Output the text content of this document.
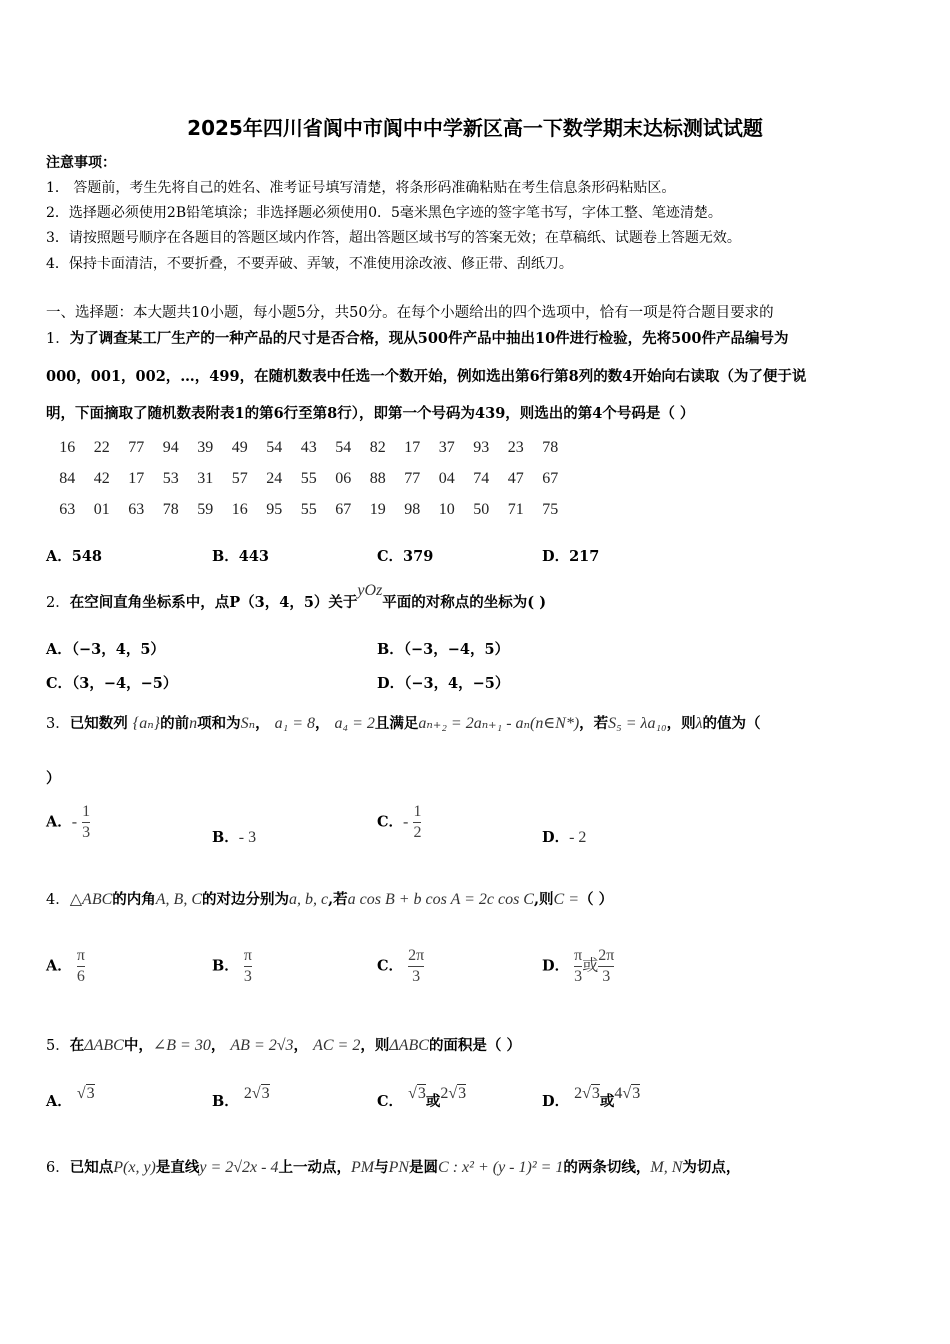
2025年四川省阆中市阆中中学新区高一下数学期末达标测试试题
注意事项：
1． 答题前，考生先将自己的姓名、准考证号填写清楚，将条形码准确粘贴在考生信息条形码粘贴区。
2．选择题必须使用2B铅笔填涂；非选择题必须使用0．5毫米黑色字迹的签字笔书写，字体工整、笔迹清楚。
3．请按照题号顺序在各题目的答题区域内作答，超出答题区域书写的答案无效；在草稿纸、试题卷上答题无效。
4．保持卡面清洁，不要折叠，不要弄破、弄皱，不准使用涂改液、修正带、刮纸刀。
一、选择题：本大题共10小题，每小题5分，共50分。在每个小题给出的四个选项中，恰有一项是符合题目要求的
1．为了调查某工厂生产的一种产品的尺寸是否合格，现从500件产品中抽出10件进行检验，先将500件产品编号为
000，001，002，…，499，在随机数表中任选一个数开始，例如选出第6行第8列的数4开始向右读取（为了便于说
明，下面摘取了随机数表附表1的第6行至第8行），即第一个号码为439，则选出的第4个号码是（ ）
16	22	77	94	39	49	54	43	54	82	17	37	93	23	78
84	42	17	53	31	57	24	55	06	88	77	04	74	47	67
63	01	63	78	59	16	95	55	67	19	98	10	50	71	75
A．548	B．443	C．379	D．217
2．在空间直角坐标系中，点P（3，4，5）关于yOz平面的对称点的坐标为( )
A．（−3，4，5）	B．（−3，−4，5）
C．（3，−4，−5）	D．（−3，4，−5）
3．已知数列 {aₙ}的前n项和为Sₙ， a₁ = 8， a₄ = 2且满足aₙ₊₂ = 2aₙ₊₁ - aₙ(n∈N*)，若S₅ = λa₁₀，则λ的值为（
）
A．- $\frac{1}{3}$	B．- 3
C．- $\frac{1}{2}$	D．- 2
4．△ABC的内角A, B, C的对边分别为a, b, c,若a cos B + b cos A = 2c cos C,则C =（ ）
A． $\frac{\pi}{6}$	B． $\frac{\pi}{3}$	C． $\frac{2\pi}{3}$	D． $\frac{\pi}{3}$ 或 $\frac{2\pi}{3}$
5．在ΔABC中，∠B = 30， AB = 2√3， AC = 2，则ΔABC的面积是（ ）
A． √3	B． 2√3	C． √3或2√3	D． 2√3或4√3
6．已知点P(x, y)是直线y = 2√2x - 4上一动点，PM与PN是圆C : x² + (y - 1)² = 1的两条切线，M, N为切点，
